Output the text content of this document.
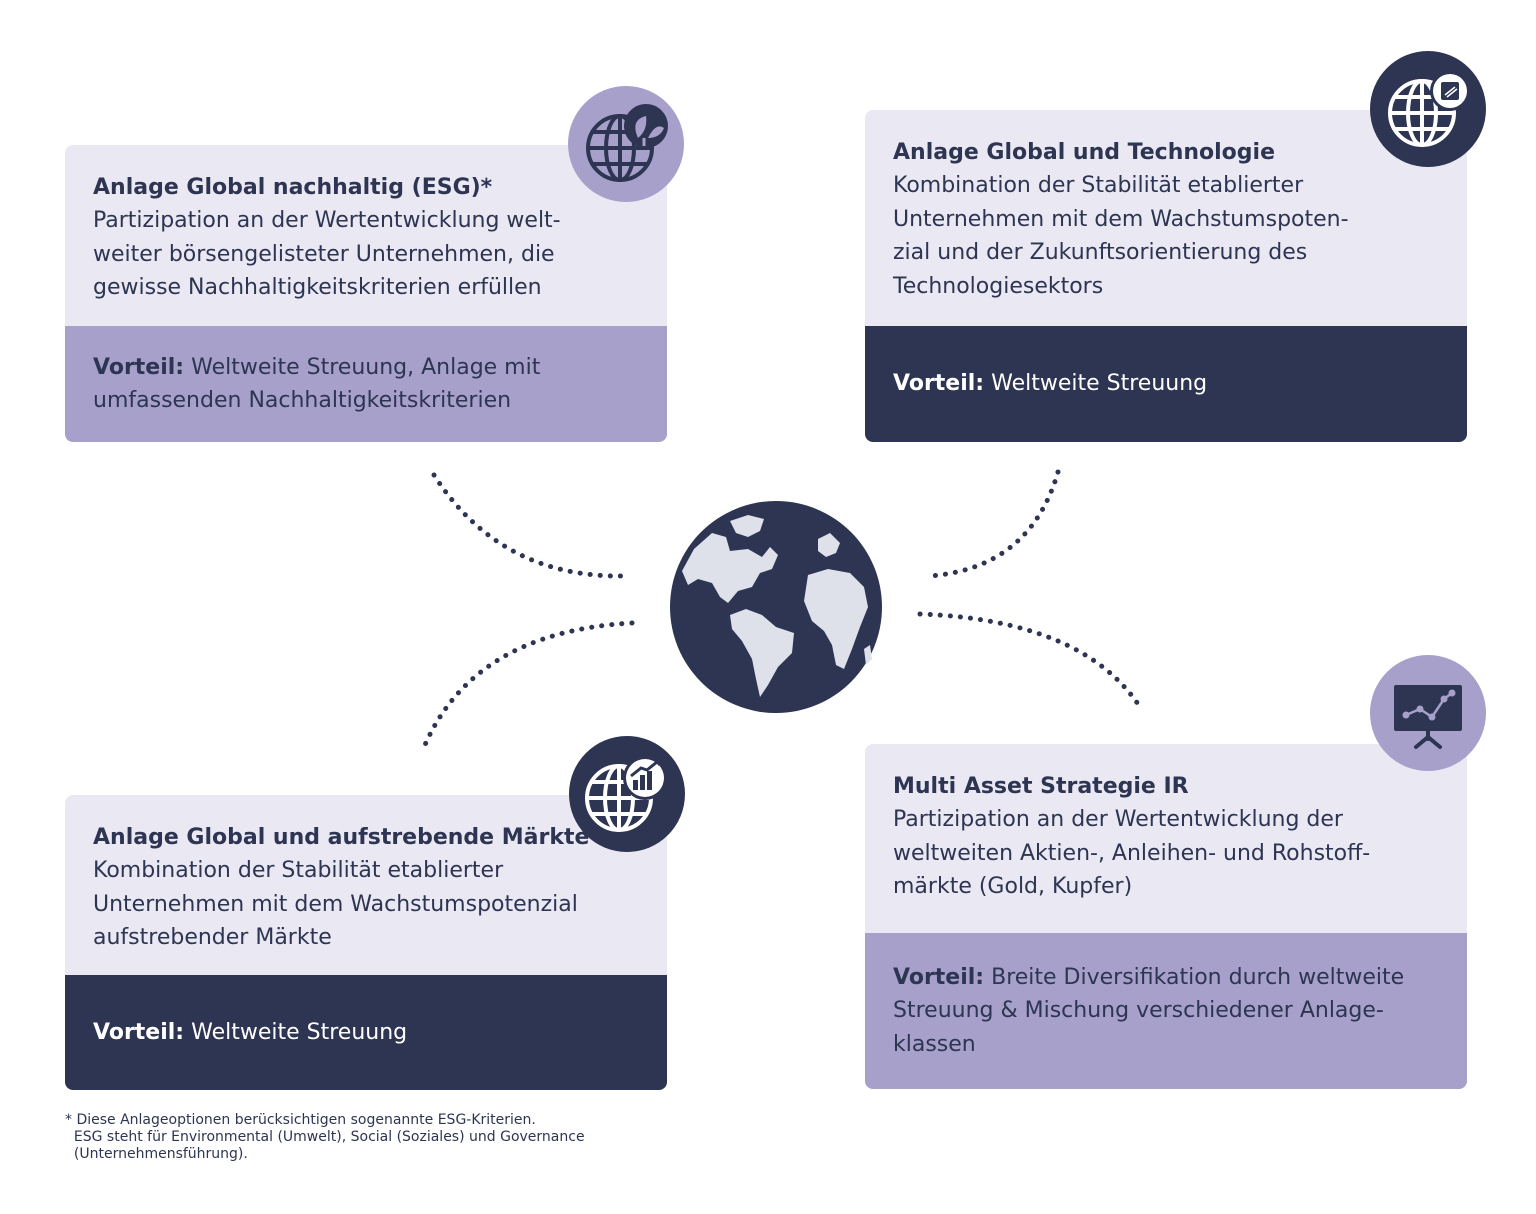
Anlage Global nachhaltig (ESG)*
Partizipation an der Wertentwicklung welt-
weiter börsengelisteter Unternehmen, die
gewisse Nachhaltigkeitskriterien erfüllen
Vorteil: Weltweite Streuung, Anlage mit
umfassenden Nachhaltigkeitskriterien
Anlage Global und Technologie
Kombination der Stabilität etablierter
Unternehmen mit dem Wachstumspoten-
zial und der Zukunftsorientierung des
Technologiesektors
Vorteil: Weltweite Streuung
Anlage Global und aufstrebende Märkte
Kombination der Stabilität etablierter
Unternehmen mit dem Wachstumspotenzial
aufstrebender Märkte
Vorteil: Weltweite Streuung
Multi Asset Strategie IR
Partizipation an der Wertentwicklung der
weltweiten Aktien-, Anleihen- und Rohstoff-
märkte (Gold, Kupfer)
Vorteil: Breite Diversifikation durch weltweite
Streuung & Mischung verschiedener Anlage-
klassen
* Diese Anlageoptionen berücksichtigen sogenannte ESG-Kriterien.
ESG steht für Environmental (Umwelt), Social (Soziales) und Governance
(Unternehmensführung).
